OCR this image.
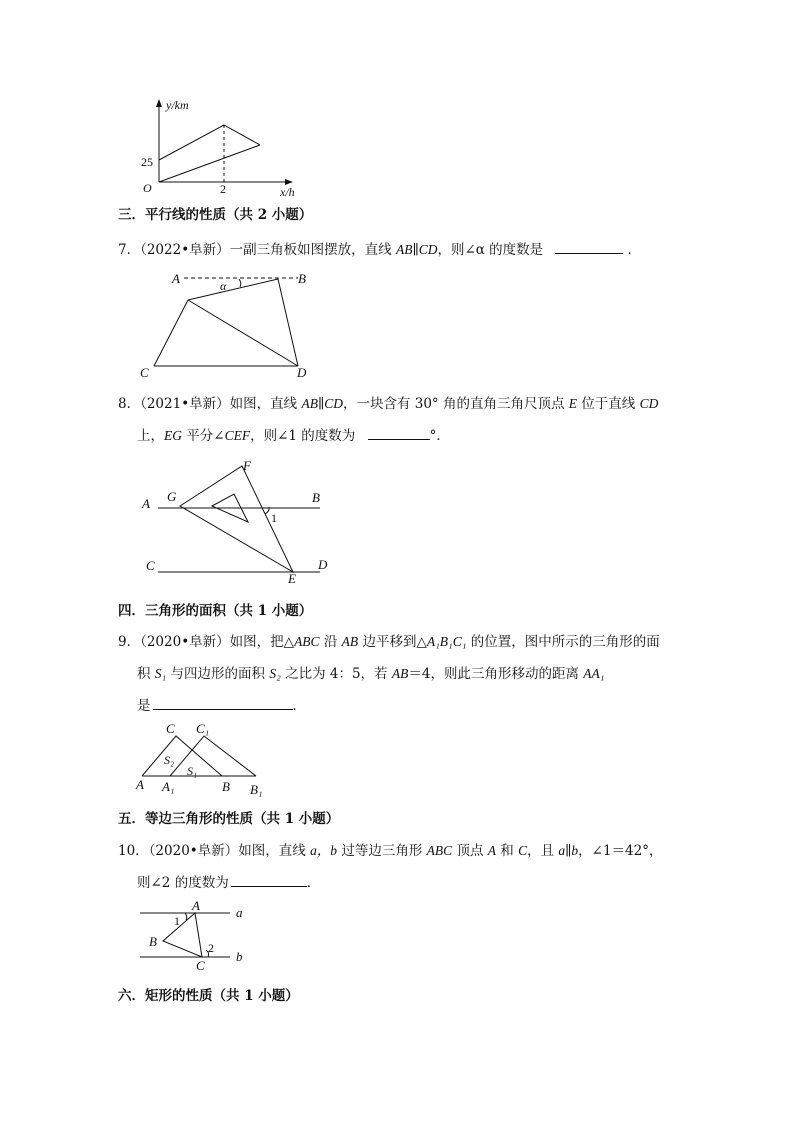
y/km
25
O	2	x/h
三．平行线的性质（共 2 小题）
7．（2022•阜新）一副三角板如图摆放，直线 AB∥CD，则∠α 的度数是	．
A	B
α
C	D
8．（2021•阜新）如图，直线 AB∥CD，一块含有 30° 角的直角三角尺顶点 E 位于直线 CD
上，EG 平分∠CEF，则∠1 的度数为	°．
A G
F
B
1
C	D
E
四．三角形的面积（共 1 小题）
9．（2020•阜新）如图，把△ABC 沿 AB 边平移到△A₁B₁C₁ 的位置，图中所示的三角形的面
积 S₁ 与四边形的面积 S₂ 之比为 4：5，若 AB＝4，则此三角形移动的距离 AA₁
是	．
C C₁
S₂
S₁
A A₁	B B₁
五．等边三角形的性质（共 1 小题）
10．（2020•阜新）如图，直线 a，b 过等边三角形 ABC 顶点 A 和 C，且 a∥b，∠1＝42°，
则∠2 的度数为	．
A	a
1
B	2
b
C
六．矩形的性质（共 1 小题）
